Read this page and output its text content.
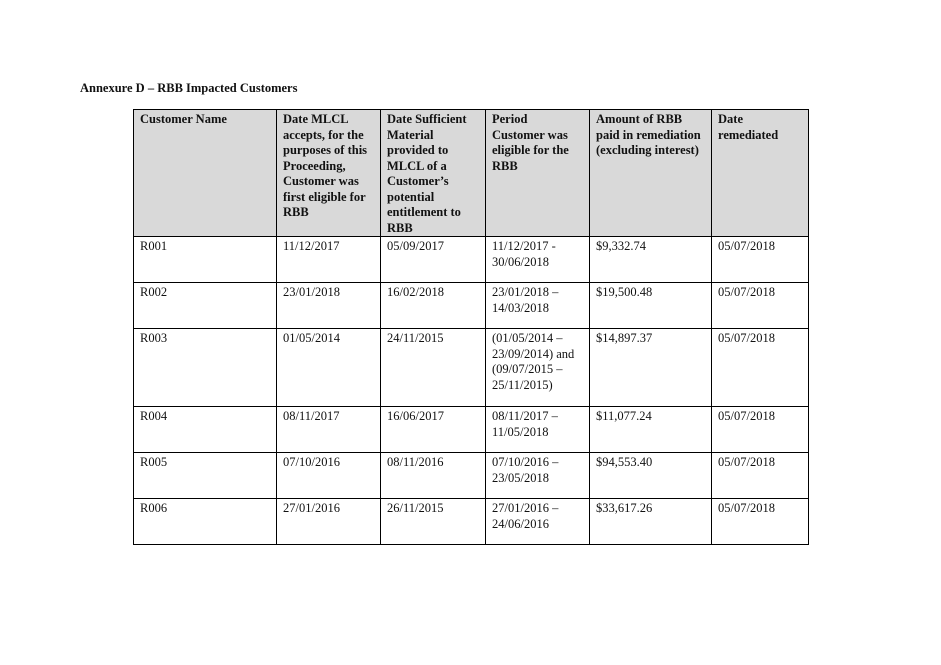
Annexure D – RBB Impacted Customers
Customer Name	Date MLCL accepts, for the purposes of this Proceeding, Customer was first eligible for RBB	Date Sufficient Material provided to MLCL of a Customer’s potential entitlement to RBB	Period Customer was eligible for the RBB	Amount of RBB paid in remediation (excluding interest)	Date remediated
R001	11/12/2017	05/09/2017	11/12/2017 - 30/06/2018	$9,332.74	05/07/2018
R002	23/01/2018	16/02/2018	23/01/2018 – 14/03/2018	$19,500.48	05/07/2018
R003	01/05/2014	24/11/2015	(01/05/2014 – 23/09/2014) and (09/07/2015 – 25/11/2015)	$14,897.37	05/07/2018
R004	08/11/2017	16/06/2017	08/11/2017 – 11/05/2018	$11,077.24	05/07/2018
R005	07/10/2016	08/11/2016	07/10/2016 – 23/05/2018	$94,553.40	05/07/2018
R006	27/01/2016	26/11/2015	27/01/2016 – 24/06/2016	$33,617.26	05/07/2018
